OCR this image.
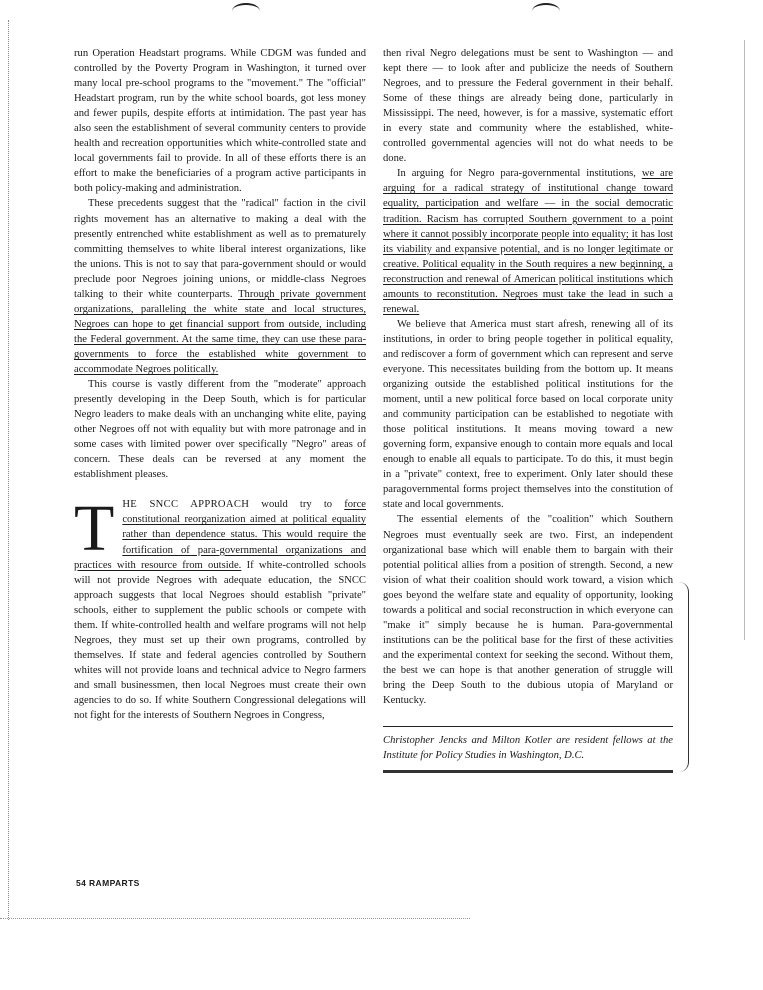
run Operation Headstart programs. While CDGM was funded and controlled by the Poverty Program in Washington, it turned over many local pre-school programs to the "movement." The "official" Headstart program, run by the white school boards, got less money and fewer pupils, despite efforts at intimidation. The past year has also seen the establishment of several community centers to provide health and recreation opportunities which white-controlled state and local governments fail to provide. In all of these efforts there is an effort to make the beneficiaries of a program active participants in both policy-making and administration.

These precedents suggest that the "radical" faction in the civil rights movement has an alternative to making a deal with the presently entrenched white establishment as well as to prematurely committing themselves to white liberal interest organizations, like the unions. This is not to say that para-government should or would preclude poor Negroes joining unions, or middle-class Negroes talking to their white counterparts. Through private government organizations, paralleling the white state and local structures, Negroes can hope to get financial support from outside, including the Federal government. At the same time, they can use these para-governments to force the established white government to accommodate Negroes politically.

This course is vastly different from the "moderate" approach presently developing in the Deep South, which is for particular Negro leaders to make deals with an unchanging white elite, paying other Negroes off not with equality but with more patronage and in some cases with limited power over specifically "Negro" areas of concern. These deals can be reversed at any moment the establishment pleases.

THE SNCC APPROACH would try to force constitutional reorganization aimed at political equality rather than dependence status. This would require the fortification of para-governmental organizations and practices with resource from outside. If white-controlled schools will not provide Negroes with adequate education, the SNCC approach suggests that local Negroes should establish "private" schools, either to supplement the public schools or compete with them. If white-controlled health and welfare programs will not help Negroes, they must set up their own programs, controlled by themselves. If state and federal agencies controlled by Southern whites will not provide loans and technical advice to Negro farmers and small businessmen, then local Negroes must create their own agencies to do so. If white Southern Congressional delegations will not fight for the interests of Southern Negroes in Congress,

then rival Negro delegations must be sent to Washington — and kept there — to look after and publicize the needs of Southern Negroes, and to pressure the Federal government in their behalf. Some of these things are already being done, particularly in Mississippi. The need, however, is for a massive, systematic effort in every state and community where the established, white-controlled governmental agencies will not do what needs to be done.

In arguing for Negro para-governmental institutions, we are arguing for a radical strategy of institutional change toward equality, participation and welfare — in the social democratic tradition. Racism has corrupted Southern government to a point where it cannot possibly incorporate people into equality; it has lost its viability and expansive potential, and is no longer legitimate or creative. Political equality in the South requires a new beginning, a reconstruction and renewal of American political institutions which amounts to reconstitution. Negroes must take the lead in such a renewal.

We believe that America must start afresh, renewing all of its institutions, in order to bring people together in political equality, and rediscover a form of government which can represent and serve everyone. This necessitates building from the bottom up. It means organizing outside the established political institutions for the moment, until a new political force based on local corporate unity and community participation can be established to negotiate with those political institutions. It means moving toward a new governing form, expansive enough to contain more equals and local enough to enable all equals to participate. To do this, it must begin in a "private" context, free to experiment. Only later should these paragovernmental forms project themselves into the constitution of state and local governments.

The essential elements of the "coalition" which Southern Negroes must eventually seek are two. First, an independent organizational base which will enable them to bargain with their potential political allies from a position of strength. Second, a new vision of what their coalition should work toward, a vision which goes beyond the welfare state and equality of opportunity, looking towards a political and social reconstruction in which everyone can "make it" simply because he is human. Para-governmental institutions can be the political base for the first of these activities and the experimental context for seeking the second. Without them, the best we can hope is that another generation of struggle will bring the Deep South to the dubious utopia of Maryland or Kentucky.

Christopher Jencks and Milton Kotler are resident fellows at the Institute for Policy Studies in Washington, D.C.
54 RAMPARTS
